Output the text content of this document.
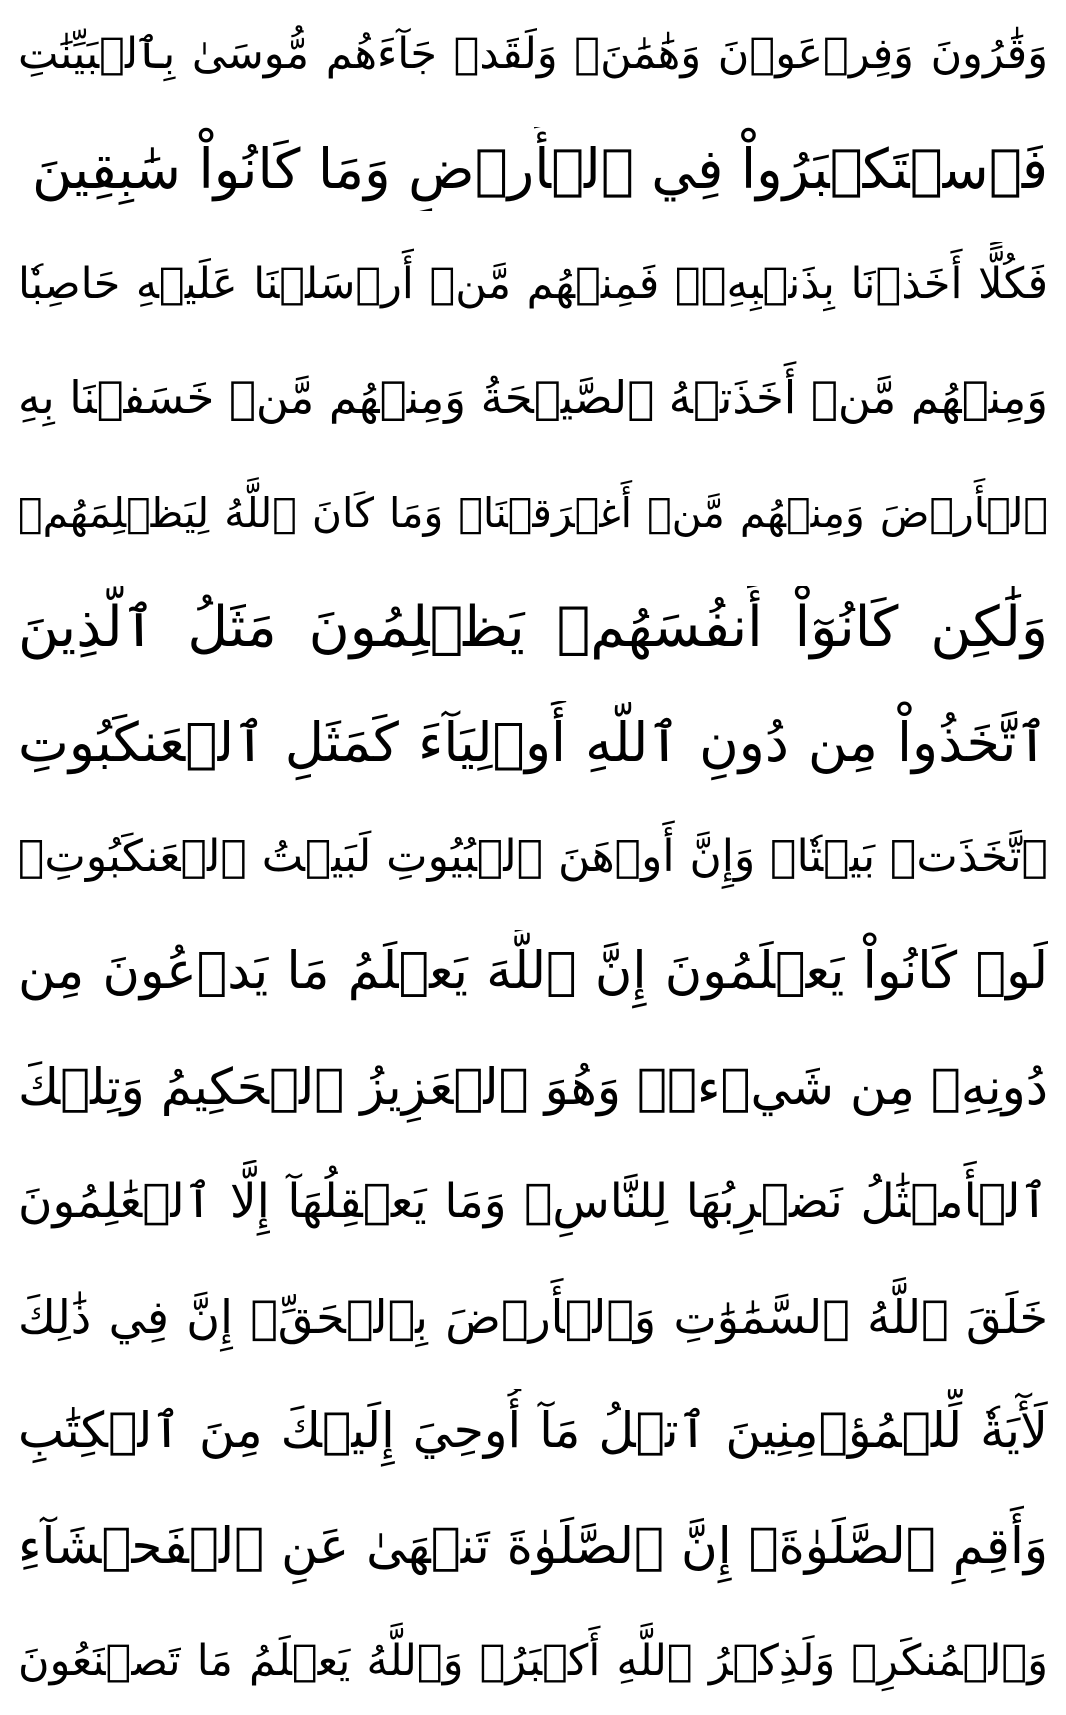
وَقَٰرُونَ وَفِرۡعَوۡنَ وَهَٰمَٰنَۖ وَلَقَدۡ جَآءَهُم مُّوسَىٰ بِٱلۡبَيِّنَٰتِ
فَٱسۡتَكۡبَرُواْ فِي ٱلۡأَرۡضِ وَمَا كَانُواْ سَٰبِقِينَ
فَكُلًّا أَخَذۡنَا بِذَنۢبِهِۦۖ فَمِنۡهُم مَّنۡ أَرۡسَلۡنَا عَلَيۡهِ حَاصِبٗا
وَمِنۡهُم مَّنۡ أَخَذَتۡهُ ٱلصَّيۡحَةُ وَمِنۡهُم مَّنۡ خَسَفۡنَا بِهِ
ٱلۡأَرۡضَ وَمِنۡهُم مَّنۡ أَغۡرَقۡنَاۚ وَمَا كَانَ ٱللَّهُ لِيَظۡلِمَهُمۡ
وَلَٰكِن كَانُوٓاْ أَنفُسَهُمۡ يَظۡلِمُونَ مَثَلُ ٱلَّذِينَ
ٱتَّخَذُواْ مِن دُونِ ٱللَّهِ أَوۡلِيَآءَ كَمَثَلِ ٱلۡعَنكَبُوتِ
ٱتَّخَذَتۡ بَيۡتٗاۖ وَإِنَّ أَوۡهَنَ ٱلۡبُيُوتِ لَبَيۡتُ ٱلۡعَنكَبُوتِۚ
لَوۡ كَانُواْ يَعۡلَمُونَ إِنَّ ٱللَّهَ يَعۡلَمُ مَا يَدۡعُونَ مِن
دُونِهِۦ مِن شَيۡءٖۚ وَهُوَ ٱلۡعَزِيزُ ٱلۡحَكِيمُ وَتِلۡكَ
ٱلۡأَمۡثَٰلُ نَضۡرِبُهَا لِلنَّاسِۖ وَمَا يَعۡقِلُهَآ إِلَّا ٱلۡعَٰلِمُونَ
خَلَقَ ٱللَّهُ ٱلسَّمَٰوَٰتِ وَٱلۡأَرۡضَ بِٱلۡحَقِّۚ إِنَّ فِي ذَٰلِكَ
لَأٓيَةٗ لِّلۡمُؤۡمِنِينَ ٱتۡلُ مَآ أُوحِيَ إِلَيۡكَ مِنَ ٱلۡكِتَٰبِ
وَأَقِمِ ٱلصَّلَوٰةَۖ إِنَّ ٱلصَّلَوٰةَ تَنۡهَىٰ عَنِ ٱلۡفَحۡشَآءِ
وَٱلۡمُنكَرِۗ وَلَذِكۡرُ ٱللَّهِ أَكۡبَرُۗ وَٱللَّهُ يَعۡلَمُ مَا تَصۡنَعُونَ
